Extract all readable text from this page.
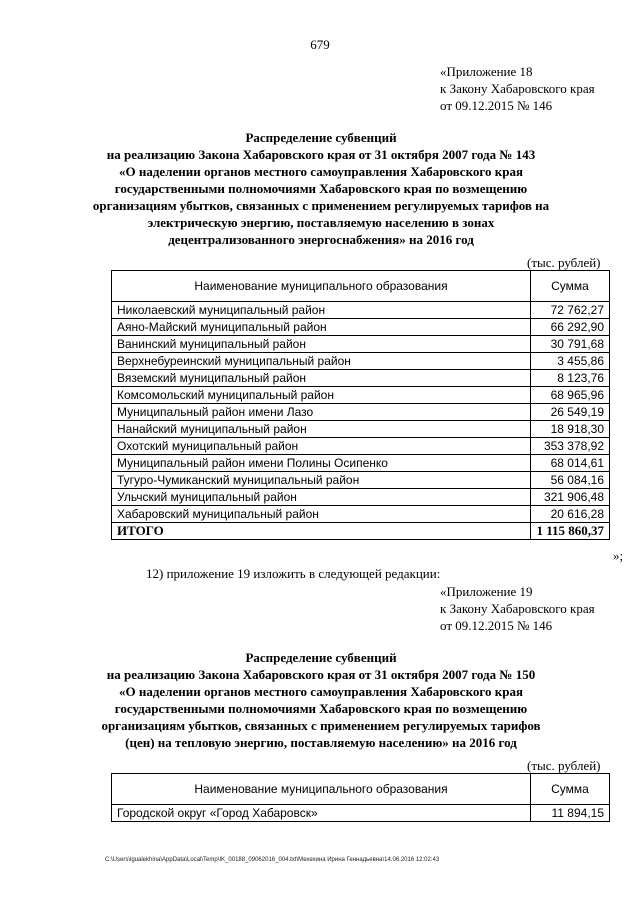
679
«Приложение 18
к Закону Хабаровского края
от 09.12.2015 № 146
Распределение субвенций
на реализацию Закона Хабаровского края от 31 октября 2007 года № 143
«О наделении органов местного самоуправления Хабаровского края
государственными полномочиями Хабаровского края по возмещению
организациям убытков, связанных с применением регулируемых тарифов на
электрическую энергию, поставляемую населению в зонах
децентрализованного энергоснабжения» на 2016 год
(тыс. рублей)
Наименование муниципального образования	Сумма
Николаевский муниципальный район	72 762,27
Аяно-Майский муниципальный район	66 292,90
Ванинский муниципальный район	30 791,68
Верхнебуреинский муниципальный район	3 455,86
Вяземский муниципальный район	8 123,76
Комсомольский муниципальный район	68 965,96
Муниципальный район имени Лазо	26 549,19
Нанайский муниципальный район	18 918,30
Охотский муниципальный район	353 378,92
Муниципальный район имени Полины Осипенко	68 014,61
Тугуро-Чумиканский муниципальный район	56 084,16
Ульчский муниципальный район	321 906,48
Хабаровский муниципальный район	20 616,28
ИТОГО	1 115 860,37
»;
12) приложение 19 изложить в следующей редакции:
«Приложение 19
к Закону Хабаровского края
от 09.12.2015 № 146
Распределение субвенций
на реализацию Закона Хабаровского края от 31 октября 2007 года № 150
«О наделении органов местного самоуправления Хабаровского края
государственными полномочиями Хабаровского края по возмещению
организациям убытков, связанных с применением регулируемых тарифов
(цен) на тепловую энергию, поставляемую населению» на 2016 год
(тыс. рублей)
Наименование муниципального образования	Сумма
Городской округ «Город Хабаровск»	11 894,15
C:\Users\igualekhina\AppData\Local\Temp\IK_00188_09062016_004.txt\Мехехина Ирина Геннадьевна\14.06.2016 12:02:43
